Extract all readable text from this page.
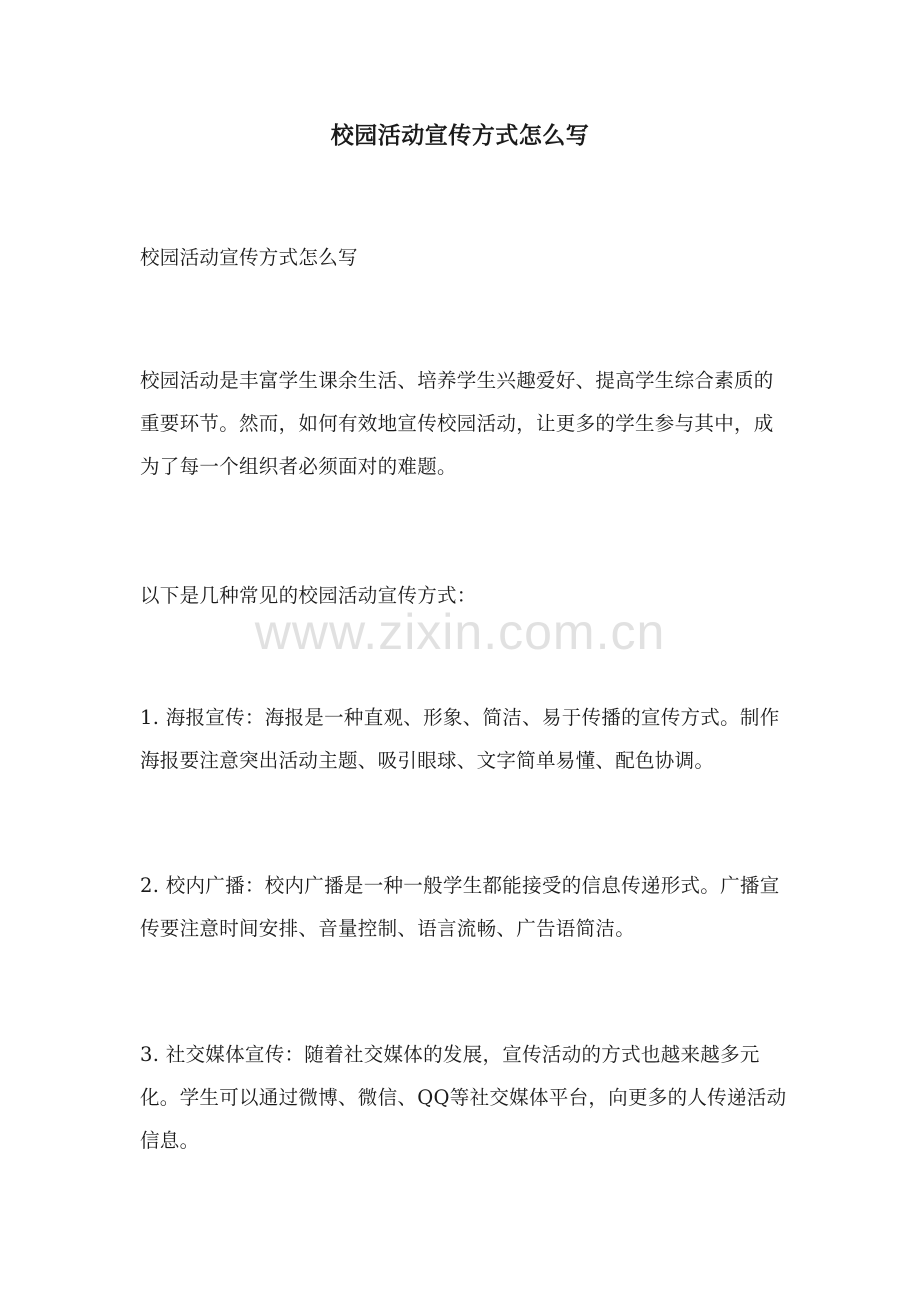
校园活动宣传方式怎么写

校园活动宣传方式怎么写

校园活动是丰富学生课余生活、培养学生兴趣爱好、提高学生综合素质的重要环节。然而，如何有效地宣传校园活动，让更多的学生参与其中，成为了每一个组织者必须面对的难题。

以下是几种常见的校园活动宣传方式：

www.zixin.com.cn

1. 海报宣传：海报是一种直观、形象、简洁、易于传播的宣传方式。制作海报要注意突出活动主题、吸引眼球、文字简单易懂、配色协调。

2. 校内广播：校内广播是一种一般学生都能接受的信息传递形式。广播宣传要注意时间安排、音量控制、语言流畅、广告语简洁。

3. 社交媒体宣传：随着社交媒体的发展，宣传活动的方式也越来越多元化。学生可以通过微博、微信、QQ等社交媒体平台，向更多的人传递活动信息。
